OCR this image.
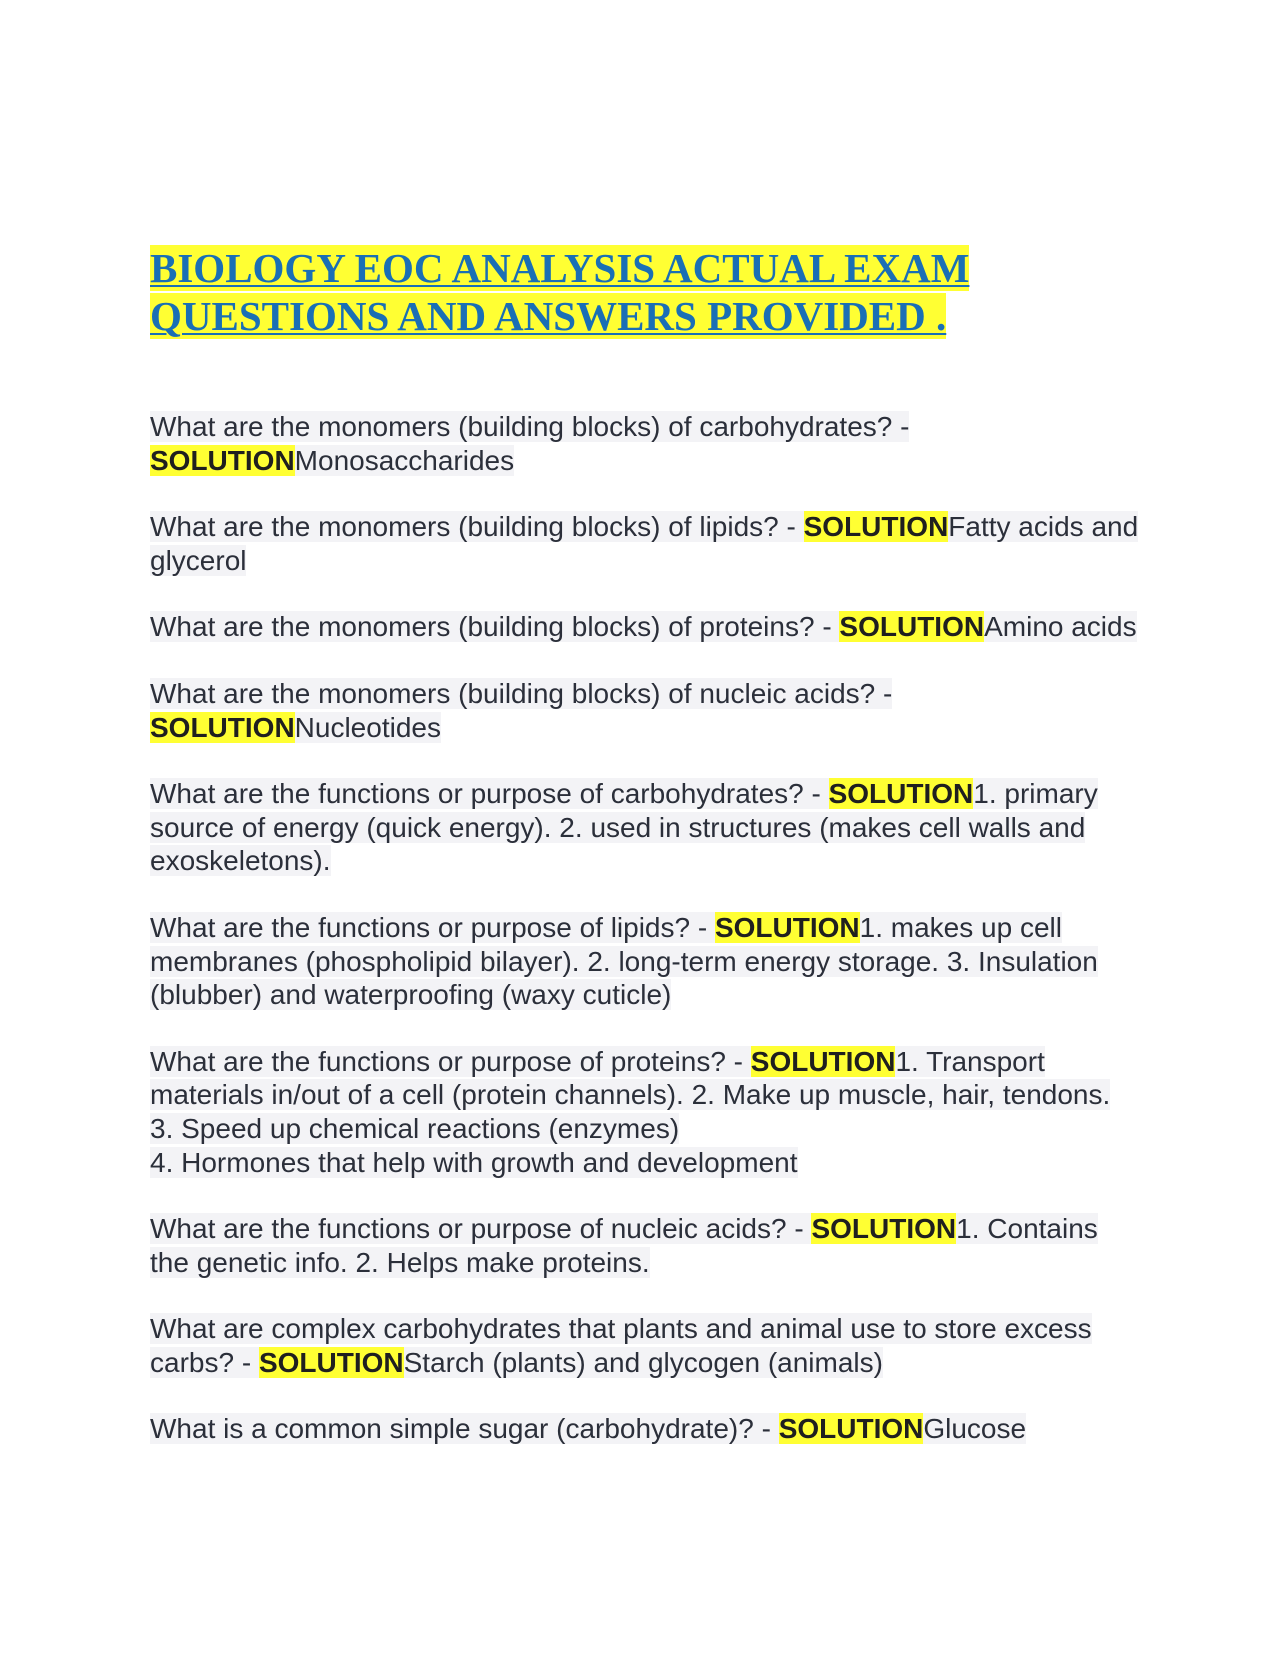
BIOLOGY EOC ANALYSIS ACTUAL EXAM
QUESTIONS AND ANSWERS PROVIDED .
What are the monomers (building blocks) of carbohydrates? - SOLUTIONMonosaccharides
What are the monomers (building blocks) of lipids? - SOLUTIONFatty acids and glycerol
What are the monomers (building blocks) of proteins? - SOLUTIONAmino acids
What are the monomers (building blocks) of nucleic acids? - SOLUTIONNucleotides
What are the functions or purpose of carbohydrates? - SOLUTION1. primary source of energy (quick energy). 2. used in structures (makes cell walls and exoskeletons).
What are the functions or purpose of lipids? - SOLUTION1. makes up cell membranes (phospholipid bilayer). 2. long-term energy storage. 3. Insulation (blubber) and waterproofing (waxy cuticle)
What are the functions or purpose of proteins? - SOLUTION1. Transport materials in/out of a cell (protein channels). 2. Make up muscle, hair, tendons. 3. Speed up chemical reactions (enzymes)
4. Hormones that help with growth and development
What are the functions or purpose of nucleic acids? - SOLUTION1. Contains the genetic info. 2. Helps make proteins.
What are complex carbohydrates that plants and animal use to store excess carbs? - SOLUTIONStarch (plants) and glycogen (animals)
What is a common simple sugar (carbohydrate)? - SOLUTIONGlucose
